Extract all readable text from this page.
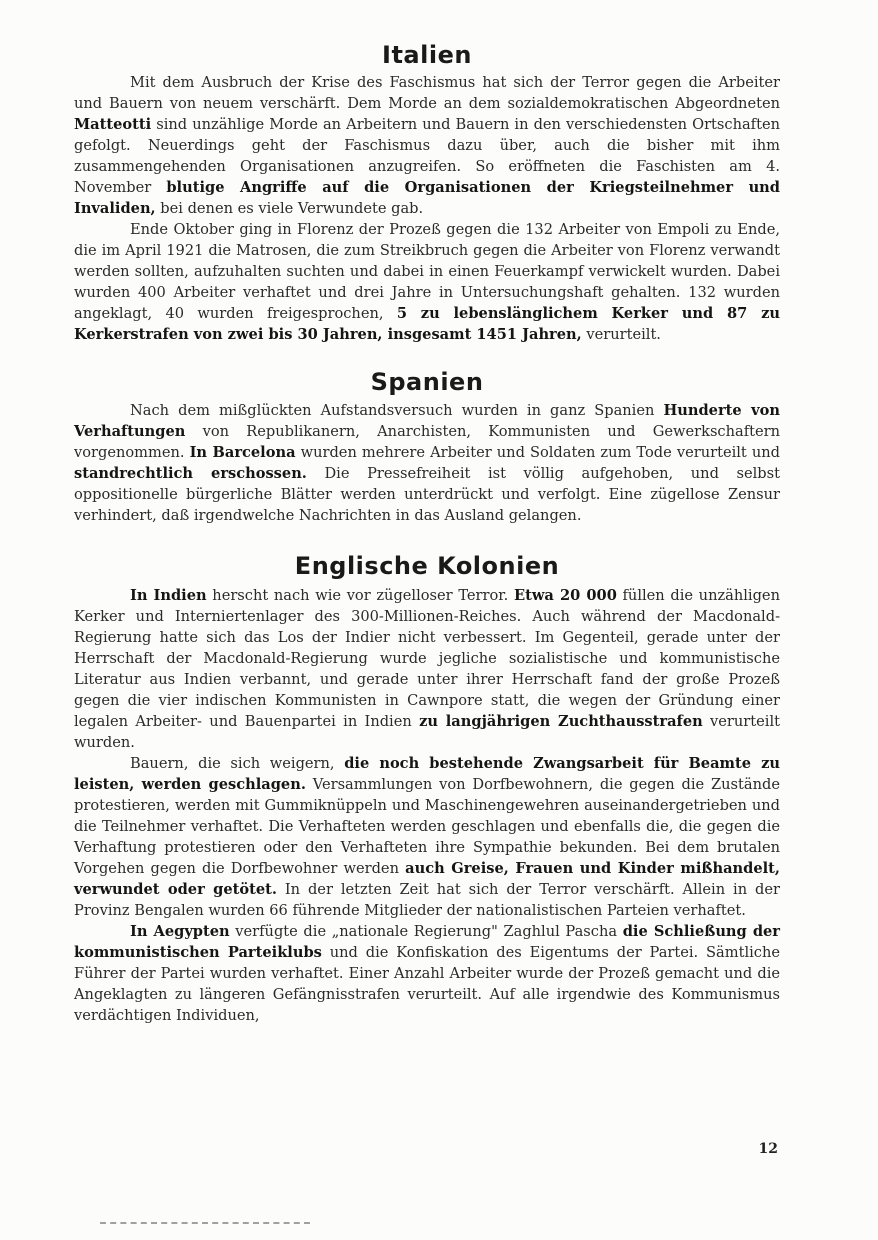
Italien

Mit dem Ausbruch der Krise des Faschismus hat sich der Terror gegen die Arbeiter und Bauern von neuem verschärft. Dem Morde an dem sozialdemokratischen Abgeordneten Matteotti sind unzählige Morde an Arbeitern und Bauern in den verschiedensten Ortschaften gefolgt. Neuerdings geht der Faschismus dazu über, auch die bisher mit ihm zusammengehenden Organisationen anzugreifen. So eröffneten die Faschisten am 4. November blutige Angriffe auf die Organisationen der Kriegsteilnehmer und Invaliden, bei denen es viele Verwundete gab.

Ende Oktober ging in Florenz der Prozeß gegen die 132 Arbeiter von Empoli zu Ende, die im April 1921 die Matrosen, die zum Streikbruch gegen die Arbeiter von Florenz verwandt werden sollten, aufzuhalten suchten und dabei in einen Feuerkampf verwickelt wurden. Dabei wurden 400 Arbeiter verhaftet und drei Jahre in Untersuchungshaft gehalten. 132 wurden angeklagt, 40 wurden freigesprochen, 5 zu lebenslänglichem Kerker und 87 zu Kerkerstrafen von zwei bis 30 Jahren, insgesamt 1451 Jahren, verurteilt.

Spanien

Nach dem mißglückten Aufstandsversuch wurden in ganz Spanien Hunderte von Verhaftungen von Republikanern, Anarchisten, Kommunisten und Gewerkschaftern vorgenommen. In Barcelona wurden mehrere Arbeiter und Soldaten zum Tode verurteilt und standrechtlich erschossen. Die Pressefreiheit ist völlig aufgehoben, und selbst oppositionelle bürgerliche Blätter werden unterdrückt und verfolgt. Eine zügellose Zensur verhindert, daß irgendwelche Nachrichten in das Ausland gelangen.

Englische Kolonien

In Indien herscht nach wie vor zügelloser Terror. Etwa 20 000 füllen die unzähligen Kerker und Interniertenlager des 300-Millionen-Reiches. Auch während der Macdonald-Regierung hatte sich das Los der Indier nicht verbessert. Im Gegenteil, gerade unter der Herrschaft der Macdonald-Regierung wurde jegliche sozialistische und kommunistische Literatur aus Indien verbannt, und gerade unter ihrer Herrschaft fand der große Prozeß gegen die vier indischen Kommunisten in Cawnpore statt, die wegen der Gründung einer legalen Arbeiter- und Bauenpartei in Indien zu langjährigen Zuchthausstrafen verurteilt wurden.

Bauern, die sich weigern, die noch bestehende Zwangsarbeit für Beamte zu leisten, werden geschlagen. Versammlungen von Dorfbewohnern, die gegen die Zustände protestieren, werden mit Gummiknüppeln und Maschinengewehren auseinandergetrieben und die Teilnehmer verhaftet. Die Verhafteten werden geschlagen und ebenfalls die, die gegen die Verhaftung protestieren oder den Verhafteten ihre Sympathie bekunden. Bei dem brutalen Vorgehen gegen die Dorfbewohner werden auch Greise, Frauen und Kinder mißhandelt, verwundet oder getötet. In der letzten Zeit hat sich der Terror verschärft. Allein in der Provinz Bengalen wurden 66 führende Mitglieder der nationalistischen Parteien verhaftet.

In Aegypten verfügte die „nationale Regierung" Zaghlul Pascha die Schließung der kommunistischen Parteiklubs und die Konfiskation des Eigentums der Partei. Sämtliche Führer der Partei wurden verhaftet. Einer Anzahl Arbeiter wurde der Prozeß gemacht und die Angeklagten zu längeren Gefängnisstrafen verurteilt. Auf alle irgendwie des Kommunismus verdächtigen Individuen,

12
